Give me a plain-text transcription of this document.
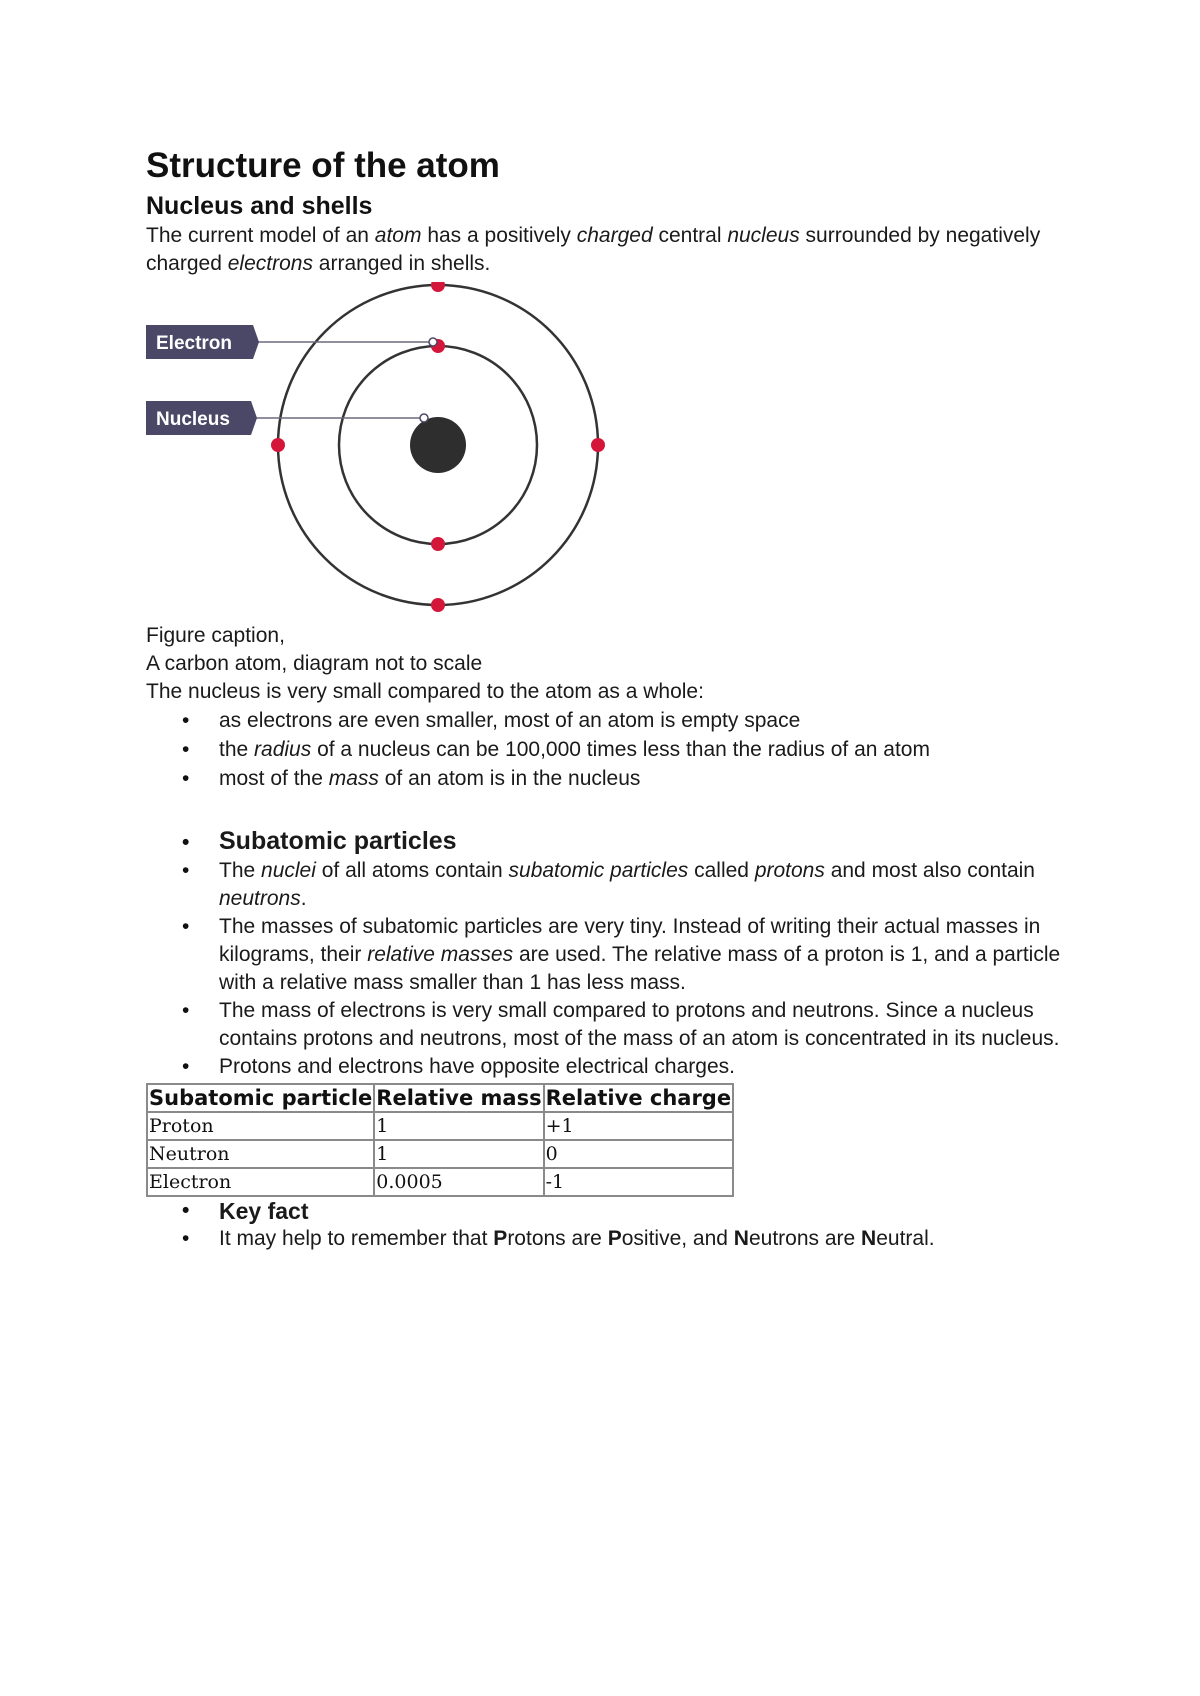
Structure of the atom
Nucleus and shells

The current model of an atom has a positively charged central nucleus surrounded by negatively charged electrons arranged in shells.

Electron
Nucleus
Figure caption,
A carbon atom, diagram not to scale

The nucleus is very small compared to the atom as a whole:

• as electrons are even smaller, most of an atom is empty space
• the radius of a nucleus can be 100,000 times less than the radius of an atom
• most of the mass of an atom is in the nucleus
• Subatomic particles
• The nuclei of all atoms contain subatomic particles called protons and most also contain neutrons.
• The masses of subatomic particles are very tiny. Instead of writing their actual masses in kilograms, their relative masses are used. The relative mass of a proton is 1, and a particle with a relative mass smaller than 1 has less mass.
• The mass of electrons is very small compared to protons and neutrons. Since a nucleus contains protons and neutrons, most of the mass of an atom is concentrated in its nucleus.
• Protons and electrons have opposite electrical charges.
Subatomic particle	Relative mass	Relative charge
Proton	1	+1
Neutron	1	0
Electron	0.0005	-1
• Key fact
• It may help to remember that Protons are Positive, and Neutrons are Neutral.
